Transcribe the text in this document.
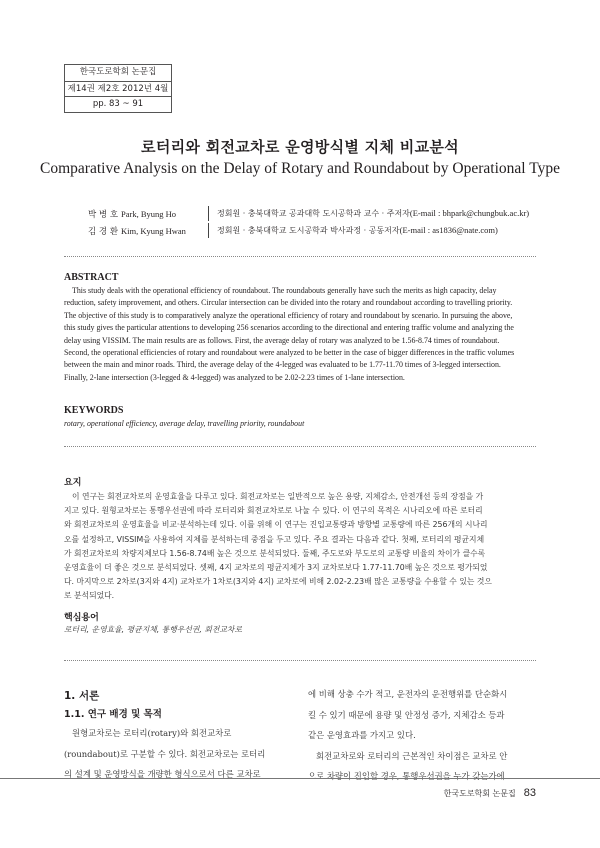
한국도로학회 논문집
제14권 제2호 2012년 4월
pp. 83 ~ 91
로터리와 회전교차로 운영방식별 지체 비교분석
Comparative Analysis on the Delay of Rotary and Roundabout by Operational Type
박 병 호 Park, Byung Ho	정회원 · 충북대학교 공과대학 도시공학과 교수 · 주저자(E-mail : bhpark@chungbuk.ac.kr)
김 경 환 Kim, Kyung Hwan	정회원 · 충북대학교 도시공학과 박사과정 · 공동저자(E-mail : as1836@nate.com)
ABSTRACT
This study deals with the operational efficiency of roundabout. The roundabouts generally have such the merits as high capacity, delay
reduction, safety improvement, and others. Circular intersection can be divided into the rotary and roundabout according to travelling priority.
The objective of this study is to comparatively analyze the operational efficiency of rotary and roundabout by scenario. In pursuing the above,
this study gives the particular attentions to developing 256 scenarios according to the directional and entering traffic volume and analyzing the
delay using VISSIM. The main results are as follows. First, the average delay of rotary was analyzed to be 1.56-8.74 times of roundabout.
Second, the operational efficiencies of rotary and roundabout were analyzed to be better in the case of bigger differences in the traffic volumes
between the main and minor roads. Third, the average delay of the 4-legged was evaluated to be 1.77-11.70 times of 3-legged intersection.
Finally, 2-lane intersection (3-legged & 4-legged) was analyzed to be 2.02-2.23 times of 1-lane intersection.
KEYWORDS
rotary, operational efficiency, average delay, travelling priority, roundabout
요지
이 연구는 회전교차로의 운영효율을 다루고 있다. 회전교차로는 일반적으로 높은 용량, 지체감소, 안전개선 등의 장점을 가
지고 있다. 원형교차로는 통행우선권에 따라 로터리와 회전교차로로 나눌 수 있다. 이 연구의 목적은 시나리오에 따른 로터리
와 회전교차로의 운영효율을 비교·분석하는데 있다. 이를 위해 이 연구는 진입교통량과 방향별 교통량에 따른 256개의 시나리
오를 설정하고, VISSIM을 사용하여 지체를 분석하는데 중점을 두고 있다. 주요 결과는 다음과 같다. 첫째, 로터리의 평균지체
가 회전교차로의 차량지체보다 1.56-8.74배 높은 것으로 분석되었다. 둘째, 주도로와 부도로의 교통량 비율의 차이가 클수록
운영효율이 더 좋은 것으로 분석되었다. 셋째, 4지 교차로의 평균지체가 3지 교차로보다 1.77-11.70배 높은 것으로 평가되었
다. 마지막으로 2차로(3지와 4지) 교차로가 1차로(3지와 4지) 교차로에 비해 2.02-2.23배 많은 교통량을 수용할 수 있는 것으
로 분석되었다.
핵심용어
로터리, 운영효율, 평균지체, 통행우선권, 회전교차로
1. 서론
1.1. 연구 배경 및 목적
원형교차로는 로터리(rotary)와 회전교차로
(roundabout)로 구분할 수 있다. 회전교차로는 로터리
의 설계 및 운영방식을 개량한 형식으로서 다른 교차로
에 비해 상충 수가 적고, 운전자의 운전행위를 단순화시
킬 수 있기 때문에 용량 및 안정성 증가, 지체감소 등과
같은 운영효과를 가지고 있다.
회전교차로와 로터리의 근본적인 차이점은 교차로 안
으로 차량이 진입할 경우, 통행우선권을 누가 갖는가에
한국도로학회 논문집 83
